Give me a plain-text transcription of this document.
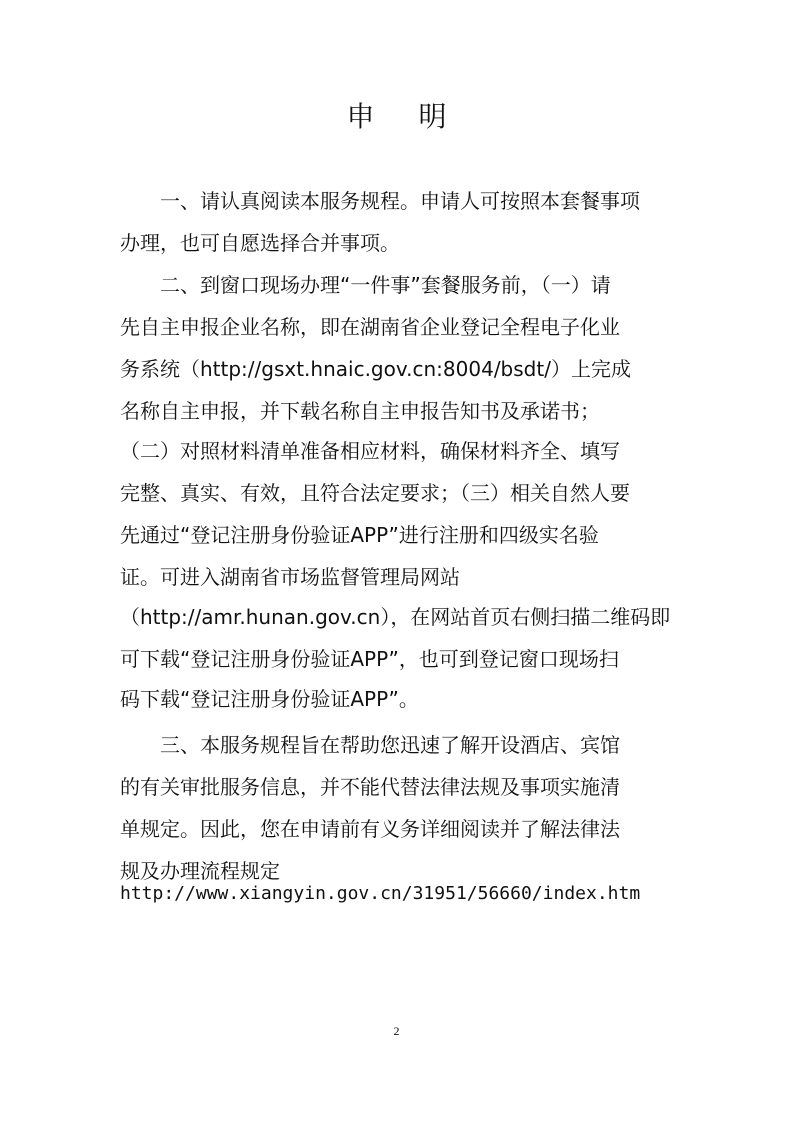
申明
一、请认真阅读本服务规程。申请人可按照本套餐事项
办理，也可自愿选择合并事项。
二、到窗口现场办理“一件事”套餐服务前，（一）请
先自主申报企业名称，即在湖南省企业登记全程电子化业
务系统（http://gsxt.hnaic.gov.cn:8004/bsdt/）上完成
名称自主申报，并下载名称自主申报告知书及承诺书；
（二）对照材料清单准备相应材料，确保材料齐全、填写
完整、真实、有效，且符合法定要求；（三）相关自然人要
先通过“登记注册身份验证APP”进行注册和四级实名验
证。可进入湖南省市场监督管理局网站
（http://amr.hunan.gov.cn），在网站首页右侧扫描二维码即
可下载“登记注册身份验证APP”，也可到登记窗口现场扫
码下载“登记注册身份验证APP”。
三、本服务规程旨在帮助您迅速了解开设酒店、宾馆
的有关审批服务信息，并不能代替法律法规及事项实施清
单规定。因此，您在申请前有义务详细阅读并了解法律法
规及办理流程规定
http://www.xiangyin.gov.cn/31951/56660/index.htm
2
